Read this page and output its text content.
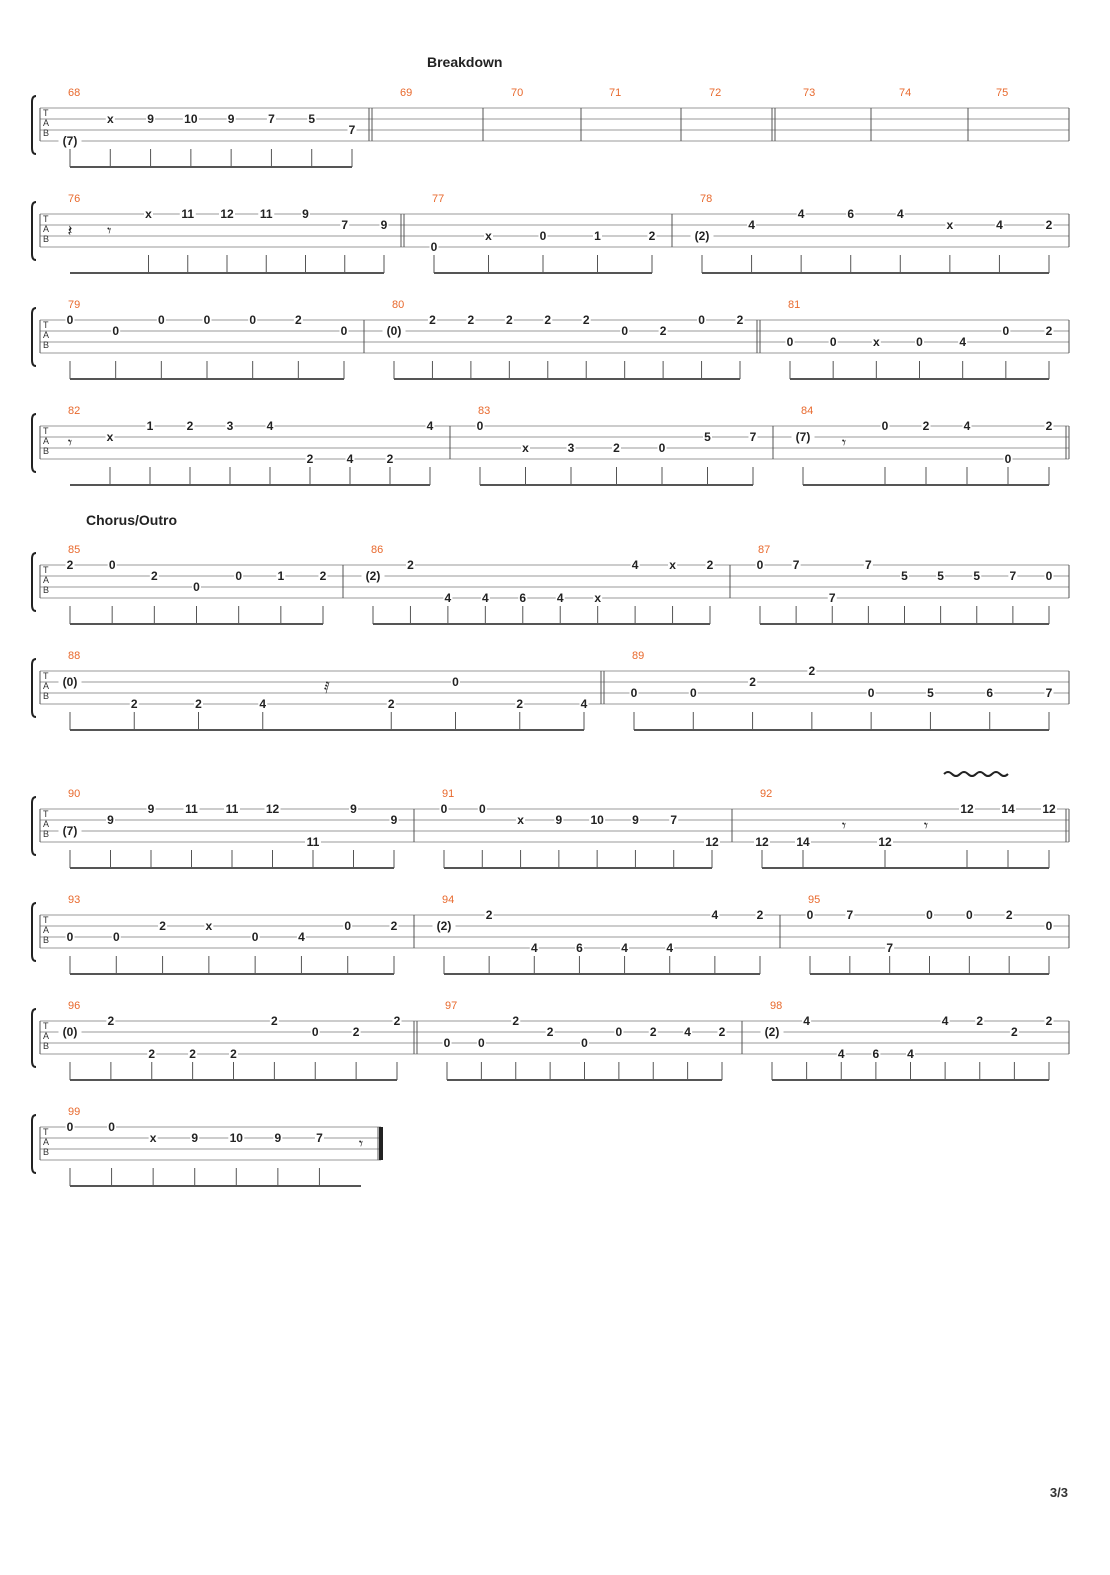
T
A
B
68
(7)
x	9	10	9	7	5
7
69	70	71	72	73	74	75
T
A
B
76
𝄽 𝄾
x 11 12 11 9
7	9
77
0
x	0	1	2
78
(2)
4
4	6	4
x	4	2
T
A
B
79
0
0
0	0	0	2
0
80
(0)
2	2	2	2	2
0	2
0	2
81
0	0	x	0	4
0	2
T
A
B
82
𝄾	x
1	2	3	4
2	4	2
4
83
0
x	3	2	0
5	7
84
(7) 𝄾
0	2	4
0
2
T
A
B
85
2	0
2
0
0	1	2
86
(2)
2
4	4	6	4	x
4	x	2
87
0 7
7
7
5 5 5 7 0
T
A
B
88
(0)
2	2	4
𝅀
2
0
2	4
89
0	0
2
2
0	5	6	7
T
A
B
90
(7)
9
9	11 11 12
11
9
9
91
0	0
x	9 10 9	7
12
92
12 14
𝄾
12
𝄾
12 14 12
T
A
B
93
0	0
2	x
0	4
0	2
94
(2)
2
4	6	4	4
4	2
95
0	7
7
0	0	2
0
T
A
B
96
(0)
2
2	2	2
2
0	2
2
97
0 0
2
2
0
0 2 4 2
98
(2)
4
4 6 4
4 2
2
2
T
A
B
99
0	0
x	9	10	9	7 𝄾
Breakdown
Chorus/Outro
3/3
